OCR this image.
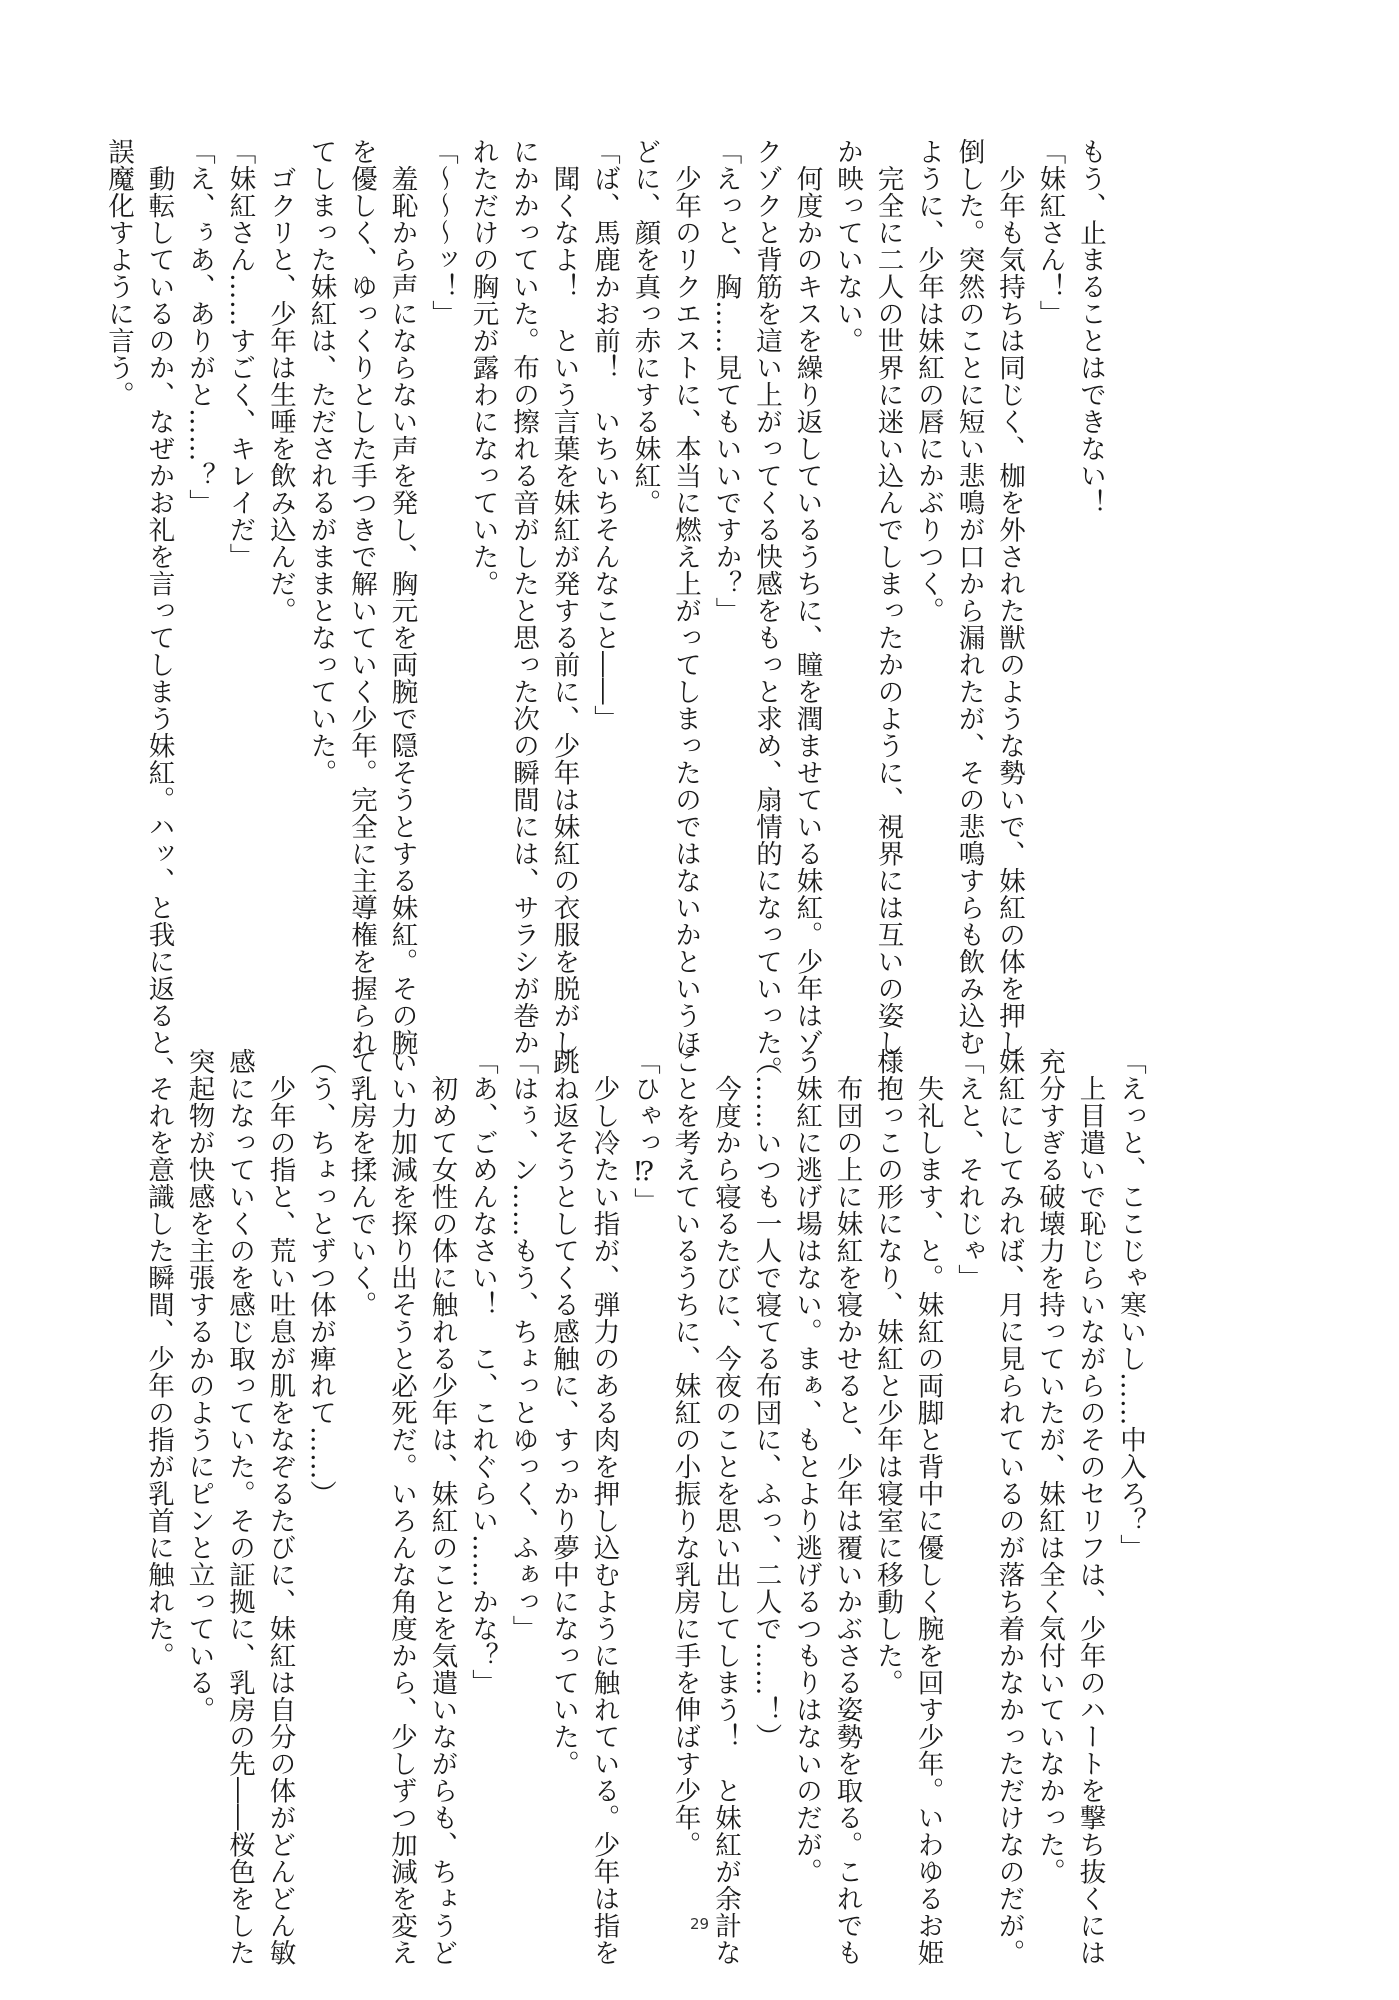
もう、止まることはできない！

「妹紅さん！」

　少年も気持ちは同じく、枷を外された獣のような勢いで、妹紅の体を押し

倒した。突然のことに短い悲鳴が口から漏れたが、その悲鳴すらも飲み込む

ように、少年は妹紅の唇にかぶりつく。

　完全に二人の世界に迷い込んでしまったかのように、視界には互いの姿し

か映っていない。

　何度かのキスを繰り返しているうちに、瞳を潤ませている妹紅。少年はゾ

クゾクと背筋を這い上がってくる快感をもっと求め、扇情的になっていった。

「えっと、胸……見てもいいですか？」

　少年のリクエストに、本当に燃え上がってしまったのではないかというほ

どに、顔を真っ赤にする妹紅。

「ば、馬鹿かお前！　いちいちそんなこと――」

　聞くなよ！　という言葉を妹紅が発する前に、少年は妹紅の衣服を脱がし

にかかっていた。布の擦れる音がしたと思った次の瞬間には、サラシが巻か

れただけの胸元が露わになっていた。

「～～～ッ！」

　羞恥から声にならない声を発し、胸元を両腕で隠そうとする妹紅。その腕

を優しく、ゆっくりとした手つきで解いていく少年。完全に主導権を握られ

てしまった妹紅は、ただされるがままとなっていた。

　ゴクリと、少年は生唾を飲み込んだ。

「妹紅さん……すごく、キレイだ」

「え、ぅあ、ありがと……？」

　動転しているのか、なぜかお礼を言ってしまう妹紅。ハッ、と我に返ると、

誤魔化すように言う。

「えっと、ここじゃ寒いし……中入ろ？」

　上目遣いで恥じらいながらのそのセリフは、少年のハートを撃ち抜くには

充分すぎる破壊力を持っていたが、妹紅は全く気付いていなかった。

妹紅にしてみれば、月に見られているのが落ち着かなかっただけなのだが。

「えと、それじゃ」

　失礼します、と。妹紅の両脚と背中に優しく腕を回す少年。いわゆるお姫

様抱っこの形になり、妹紅と少年は寝室に移動した。

　布団の上に妹紅を寝かせると、少年は覆いかぶさる姿勢を取る。これでも

う妹紅に逃げ場はない。まぁ、もとより逃げるつもりはないのだが。

（……いつも一人で寝てる布団に、ふっ、二人で……！）

　今度から寝るたびに、今夜のことを思い出してしまう！　と妹紅が余計な

ことを考えているうちに、妹紅の小振りな乳房に手を伸ばす少年。

「ひゃっ⁉」

　少し冷たい指が、弾力のある肉を押し込むように触れている。少年は指を

跳ね返そうとしてくる感触に、すっかり夢中になっていた。

「はぅ、ン……もう、ちょっとゆっく、ふぁっ」

「あ、ごめんなさい！　こ、これぐらい……かな？」

　初めて女性の体に触れる少年は、妹紅のことを気遣いながらも、ちょうど

いい力加減を探り出そうと必死だ。いろんな角度から、少しずつ加減を変え

て乳房を揉んでいく。

（う、ちょっとずつ体が痺れて……）

　少年の指と、荒い吐息が肌をなぞるたびに、妹紅は自分の体がどんどん敏

感になっていくのを感じ取っていた。その証拠に、乳房の先――桜色をした

突起物が快感を主張するかのようにピンと立っている。

　それを意識した瞬間、少年の指が乳首に触れた。

29
